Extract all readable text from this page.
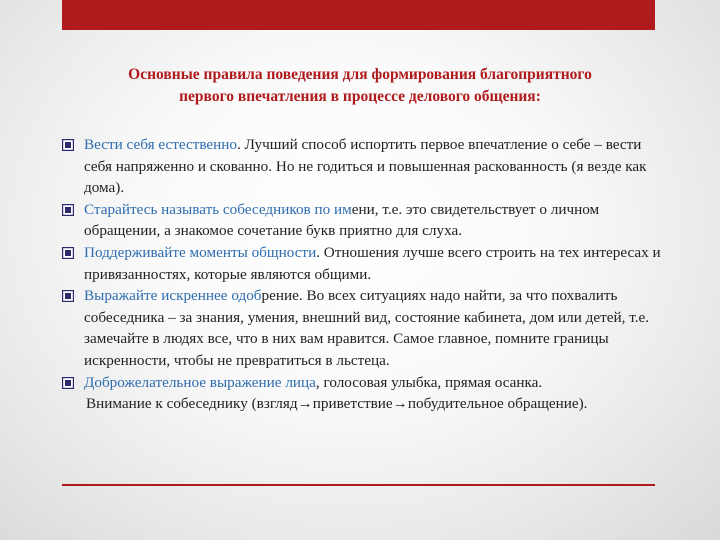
Основные правила поведения для формирования благоприятного
первого впечатления в процессе делового общения:
Вести себя естественно. Лучший способ испортить первое впечатление о себе – вести себя напряженно и скованно. Но не годиться и повышенная раскованность (я везде как дома).
Старайтесь называть собеседников по имени, т.е. это свидетельствует о личном обращении, а знакомое сочетание букв приятно для слуха.
Поддерживайте моменты общности. Отношения лучше всего строить на тех интересах и привязанностях, которые являются общими.
Выражайте искреннее одобрение. Во всех ситуациях надо найти, за что похвалить собеседника – за знания, умения, внешний вид, состояние кабинета, дом или детей, т.е. замечайте в людях все, что в них вам нравится. Самое главное, помните границы искренности, чтобы не превратиться в льстеца.
Доброжелательное выражение лица, голосовая улыбка, прямая осанка.
Внимание к собеседнику (взгляд→приветствие→побудительное обращение).
